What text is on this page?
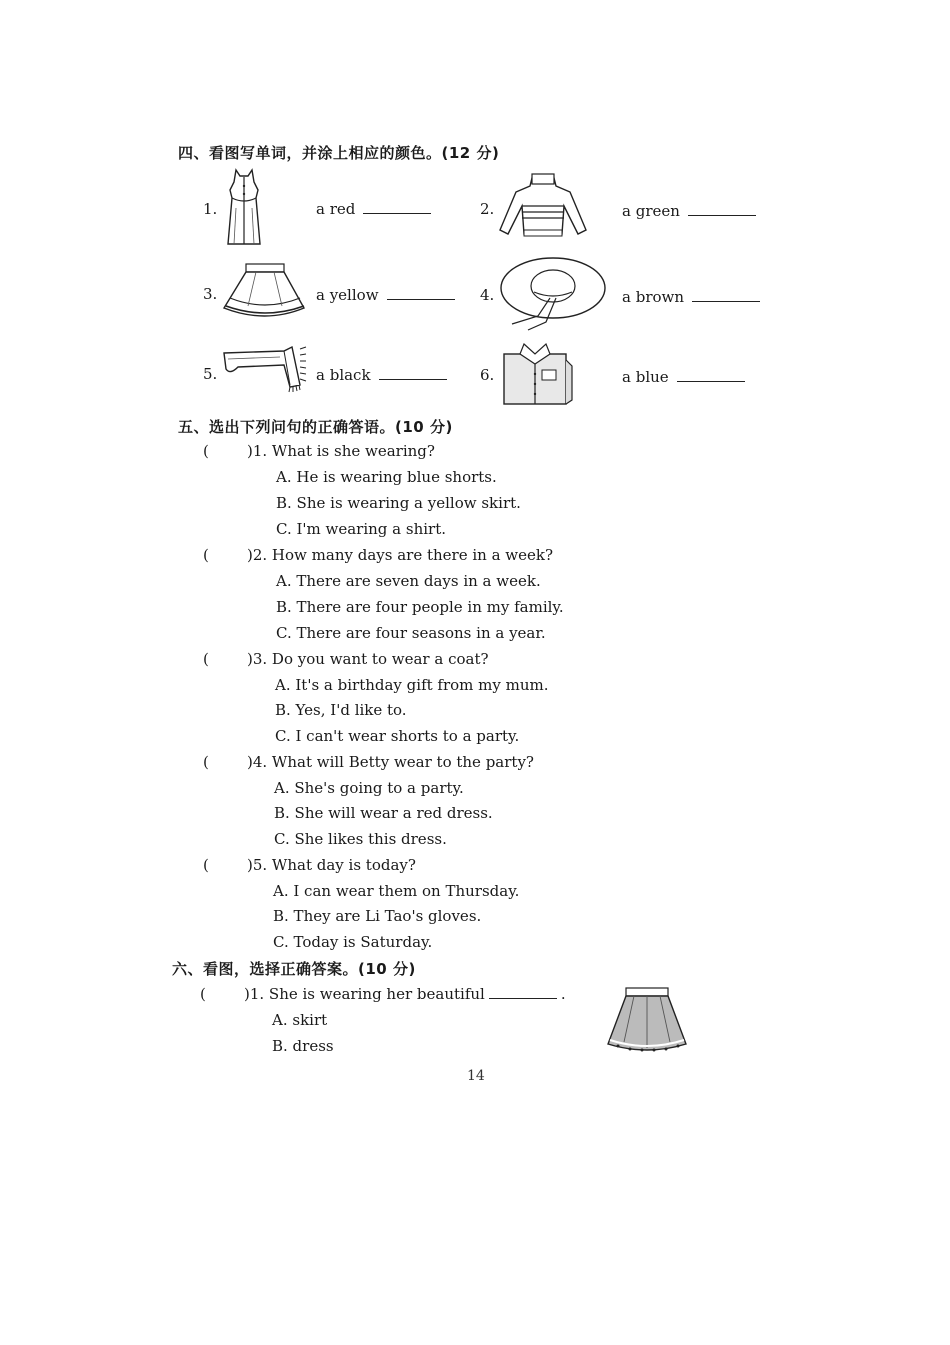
四、看图写单词，并涂上相应的颜色。(12 分)
1.	a red	2.	a green
3.	a yellow	4.	a brown
5.	a black	6.	a blue
五、选出下列问句的正确答语。(10 分)
(	)1. What is she wearing?
A. He is wearing blue shorts.
B. She is wearing a yellow skirt.
C. I'm wearing a shirt.
(	)2. How many days are there in a week?
A. There are seven days in a week.
B. There are four people in my family.
C. There are four seasons in a year.
(	)3. Do you want to wear a coat?
A. It's a birthday gift from my mum.
B. Yes, I'd like to.
C. I can't wear shorts to a party.
(	)4. What will Betty wear to the party?
A. She's going to a party.
B. She will wear a red dress.
C. She likes this dress.
(	)5. What day is today?
A. I can wear them on Thursday.
B. They are Li Tao's gloves.
C. Today is Saturday.
六、看图，选择正确答案。(10 分)
(	)1. She is wearing her beautiful	.
A. skirt
B. dress
14
